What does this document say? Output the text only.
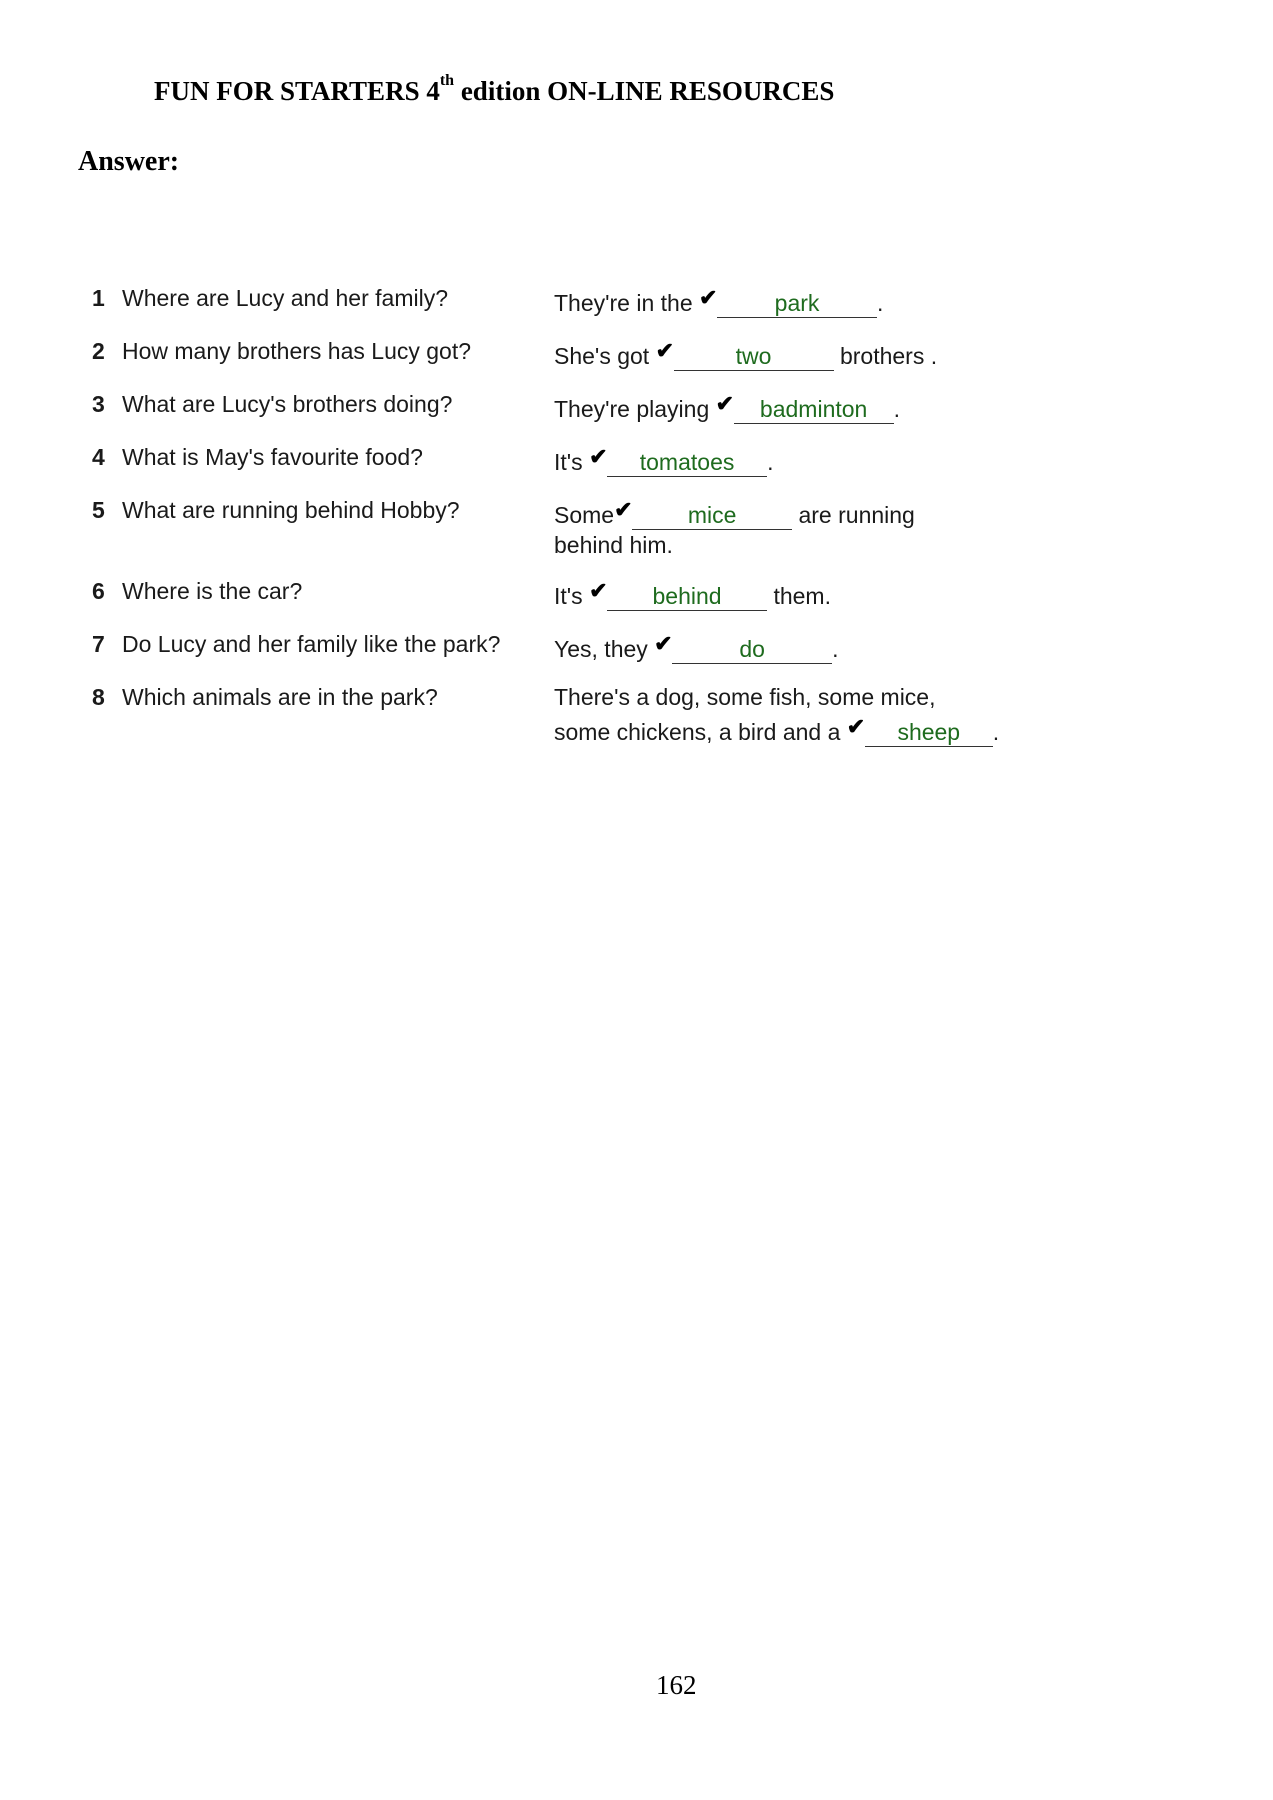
FUN FOR STARTERS 4th edition ON-LINE RESOURCES
Answer:
1 Where are Lucy and her family?	They're in the ✔ park	.
2 How many brothers has Lucy got?	She's got ✔	two	brothers .
3 What are Lucy's brothers doing?	They're playing ✔ badminton .
4 What is May's favourite food?	It's ✔ tomatoes .
5 What are running behind Hobby?	Some✔ mice	are running
behind him.
6 Where is the car?	It's ✔ behind them.
7 Do Lucy and her family like the park? Yes, they ✔	do	.
8 Which animals are in the park?	There's a dog, some fish, some mice,
some chickens, a bird and a ✔ sheep .
162
